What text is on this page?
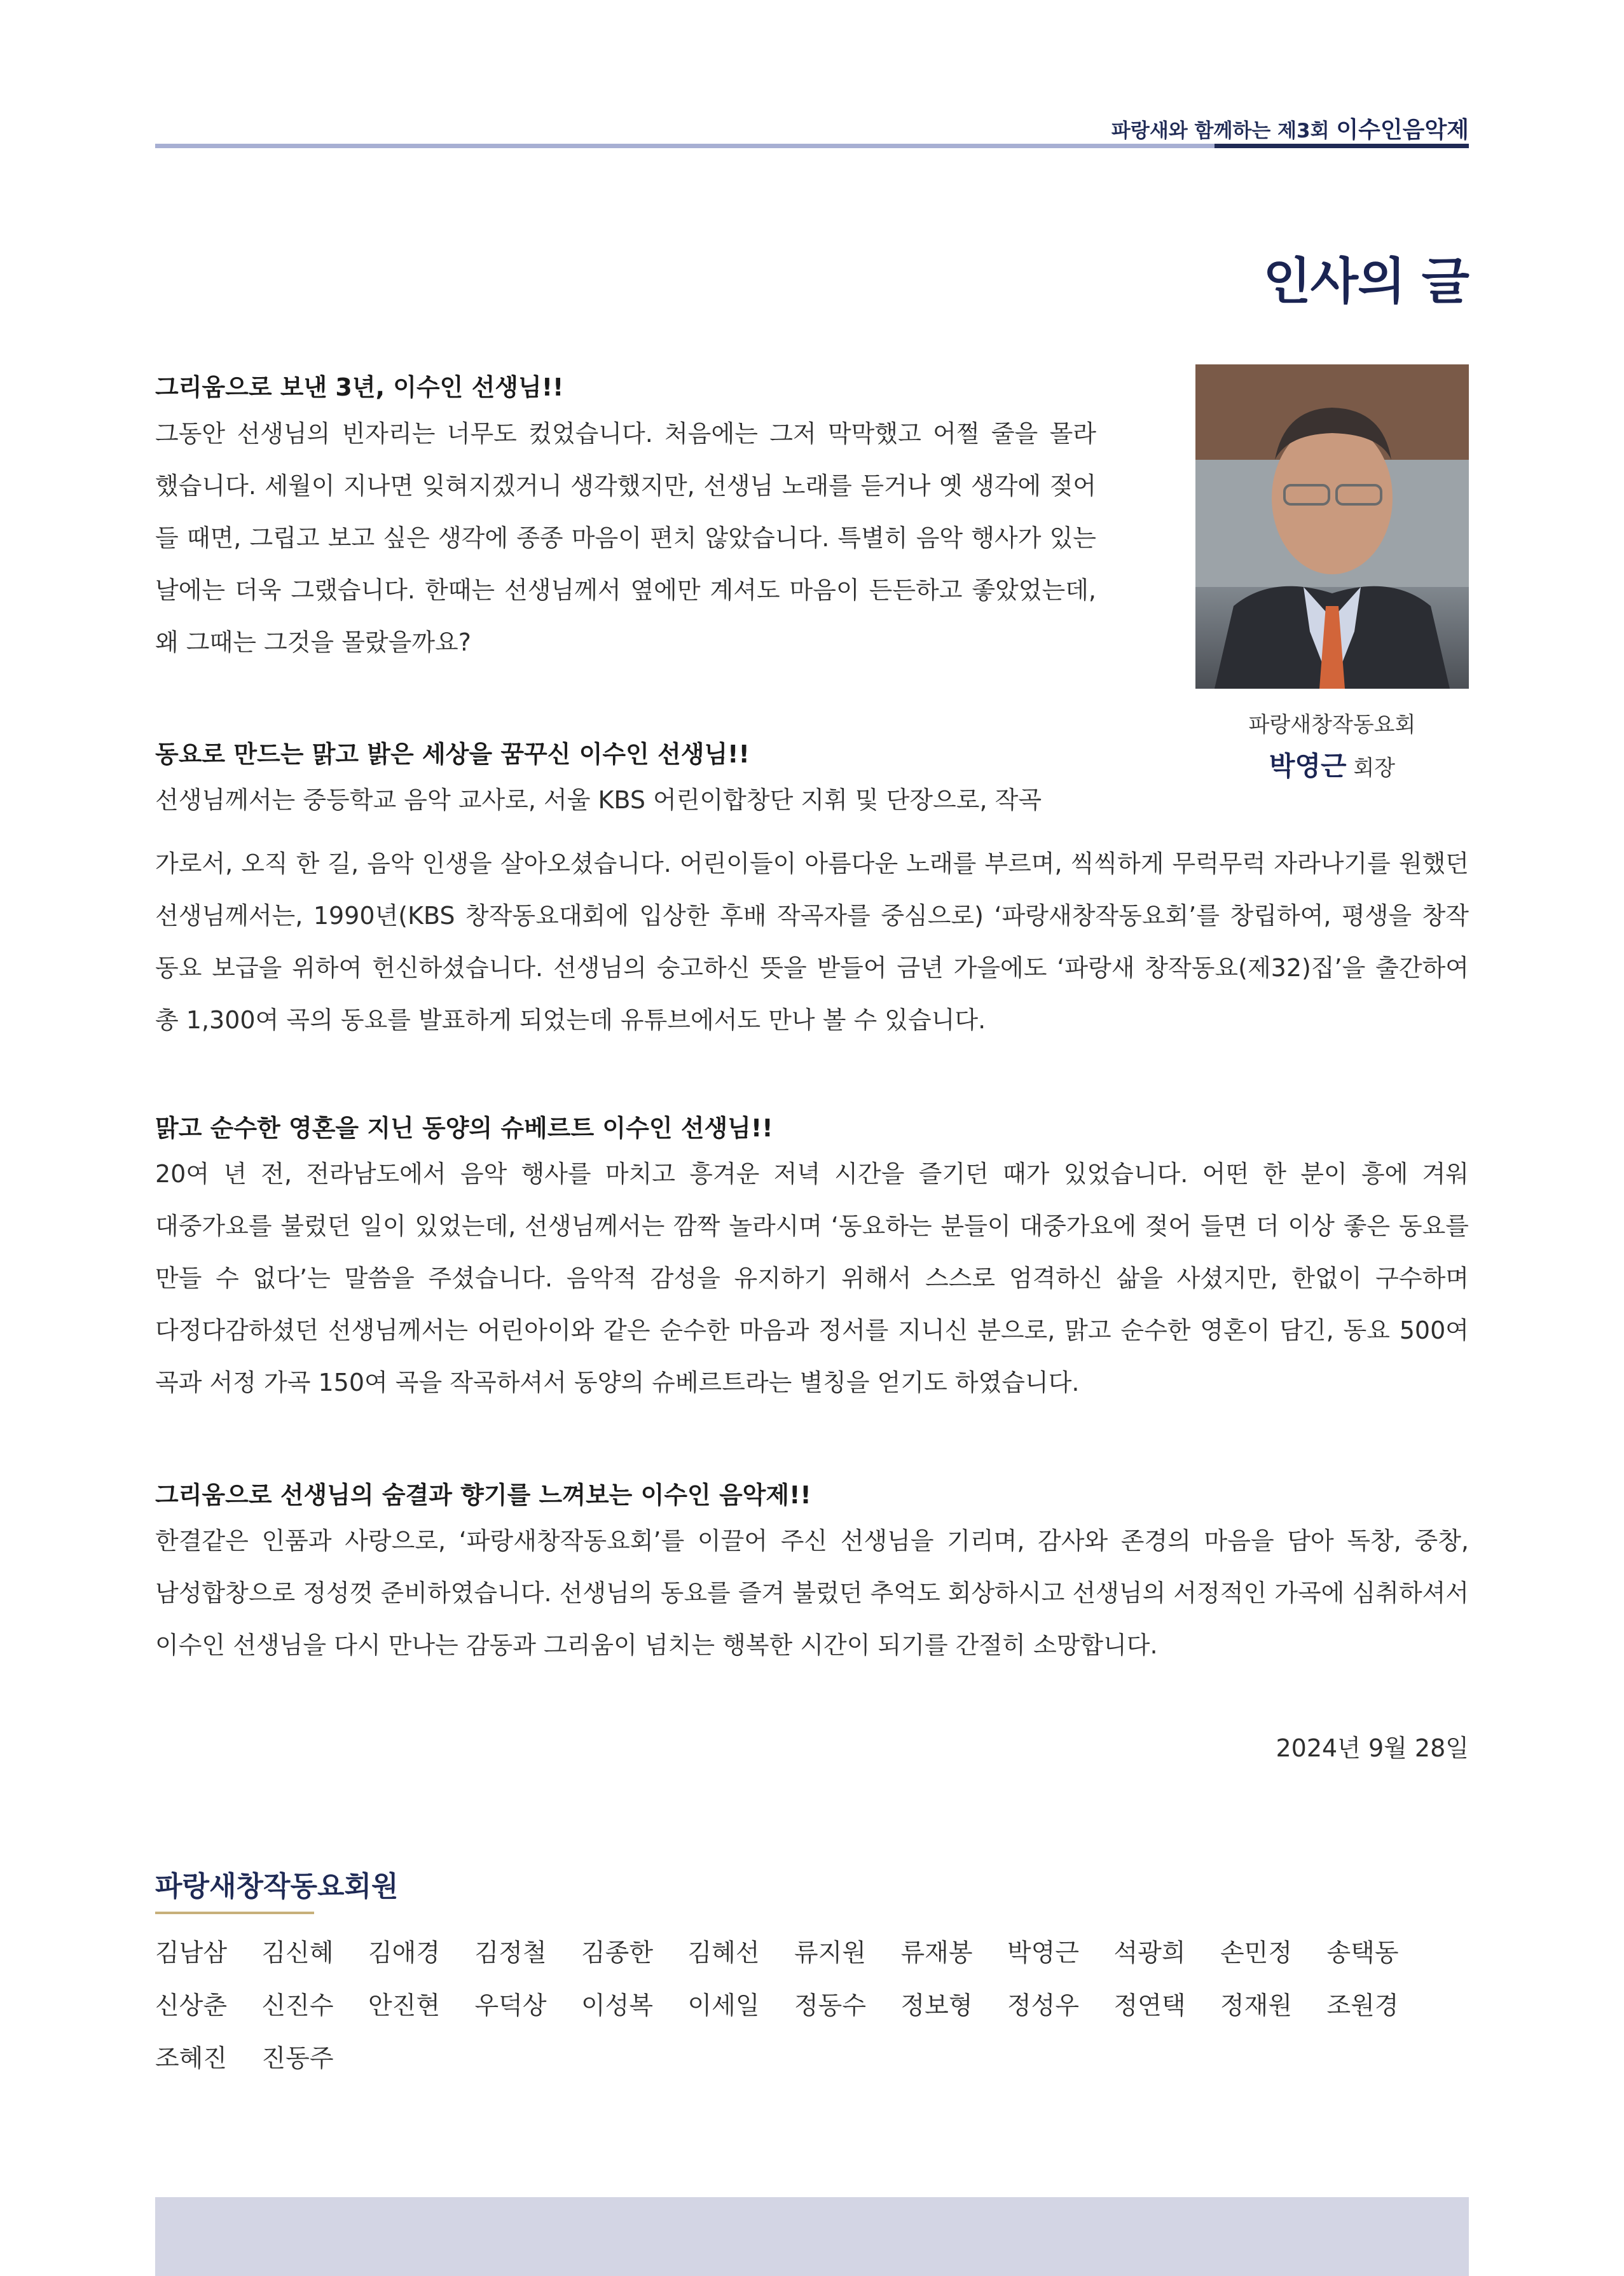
파랑새와 함께하는 제3회 이수인음악제
인사의 글
파랑새창작동요회
박영근 회장
그리움으로 보낸 3년, 이수인 선생님!!

그동안 선생님의 빈자리는 너무도 컸었습니다. 처음에는 그저 막막했고 어쩔 줄을 몰라 했습니다. 세월이 지나면 잊혀지겠거니 생각했지만, 선생님 노래를 듣거나 옛 생각에 젖어 들 때면, 그립고 보고 싶은 생각에 종종 마음이 편치 않았습니다. 특별히 음악 행사가 있는 날에는 더욱 그랬습니다. 한때는 선생님께서 옆에만 계셔도 마음이 든든하고 좋았었는데, 왜 그때는 그것을 몰랐을까요?

동요로 만드는 맑고 밝은 세상을 꿈꾸신 이수인 선생님!!

선생님께서는 중등학교 음악 교사로, 서울 KBS 어린이합창단 지휘 및 단장으로, 작곡

가로서, 오직 한 길, 음악 인생을 살아오셨습니다. 어린이들이 아름다운 노래를 부르며, 씩씩하게 무럭무럭 자라나기를 원했던 선생님께서는, 1990년(KBS 창작동요대회에 입상한 후배 작곡자를 중심으로) ‘파랑새창작동요회’를 창립하여, 평생을 창작 동요 보급을 위하여 헌신하셨습니다. 선생님의 숭고하신 뜻을 받들어 금년 가을에도 ‘파랑새 창작동요(제32)집’을 출간하여 총 1,300여 곡의 동요를 발표하게 되었는데 유튜브에서도 만나 볼 수 있습니다.

맑고 순수한 영혼을 지닌 동양의 슈베르트 이수인 선생님!!

20여 년 전, 전라남도에서 음악 행사를 마치고 흥겨운 저녁 시간을 즐기던 때가 있었습니다. 어떤 한 분이 흥에 겨워 대중가요를 불렀던 일이 있었는데, 선생님께서는 깜짝 놀라시며 ‘동요하는 분들이 대중가요에 젖어 들면 더 이상 좋은 동요를 만들 수 없다’는 말씀을 주셨습니다. 음악적 감성을 유지하기 위해서 스스로 엄격하신 삶을 사셨지만, 한없이 구수하며 다정다감하셨던 선생님께서는 어린아이와 같은 순수한 마음과 정서를 지니신 분으로, 맑고 순수한 영혼이 담긴, 동요 500여 곡과 서정 가곡 150여 곡을 작곡하셔서 동양의 슈베르트라는 별칭을 얻기도 하였습니다.

그리움으로 선생님의 숨결과 향기를 느껴보는 이수인 음악제!!

한결같은 인품과 사랑으로, ‘파랑새창작동요회’를 이끌어 주신 선생님을 기리며, 감사와 존경의 마음을 담아 독창, 중창, 남성합창으로 정성껏 준비하였습니다. 선생님의 동요를 즐겨 불렀던 추억도 회상하시고 선생님의 서정적인 가곡에 심취하셔서 이수인 선생님을 다시 만나는 감동과 그리움이 넘치는 행복한 시간이 되기를 간절히 소망합니다.

2024년 9월 28일
파랑새창작동요회원
김남삼	김신혜	김애경	김정철	김종한	김혜선	류지원	류재봉	박영근	석광희	손민정	송택동
신상춘	신진수	안진현	우덕상	이성복	이세일	정동수	정보형	정성우	정연택	정재원	조원경
조혜진	진동주
